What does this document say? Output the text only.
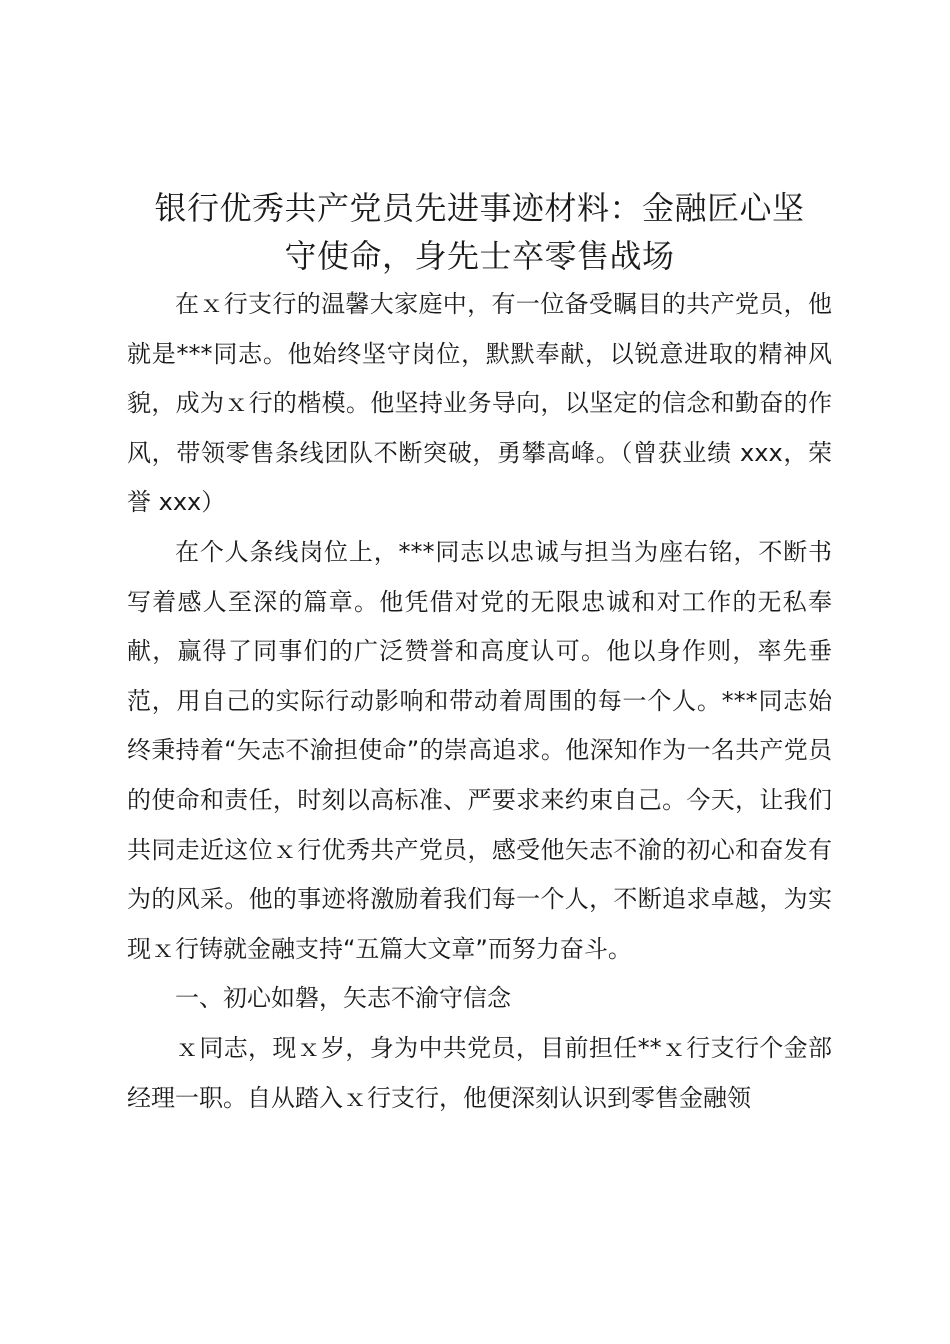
银行优秀共产党员先进事迹材料：金融匠心坚
守使命，身先士卒零售战场

在ｘ行支行的温馨大家庭中，有一位备受瞩目的共产党员，他就是***同志。他始终坚守岗位，默默奉献，以锐意进取的精神风貌，成为ｘ行的楷模。他坚持业务导向，以坚定的信念和勤奋的作风，带领零售条线团队不断突破，勇攀高峰。（曾获业绩 xxx，荣誉 xxx）

在个人条线岗位上，***同志以忠诚与担当为座右铭，不断书写着感人至深的篇章。他凭借对党的无限忠诚和对工作的无私奉献，赢得了同事们的广泛赞誉和高度认可。他以身作则，率先垂范，用自己的实际行动影响和带动着周围的每一个人。***同志始终秉持着“矢志不渝担使命”的崇高追求。他深知作为一名共产党员的使命和责任，时刻以高标准、严要求来约束自己。今天，让我们共同走近这位ｘ行优秀共产党员，感受他矢志不渝的初心和奋发有为的风采。他的事迹将激励着我们每一个人，不断追求卓越，为实现ｘ行铸就金融支持“五篇大文章”而努力奋斗。

一、初心如磐，矢志不渝守信念

ｘ同志，现ｘ岁，身为中共党员，目前担任**ｘ行支行个金部经理一职。自从踏入ｘ行支行，他便深刻认识到零售金融领
